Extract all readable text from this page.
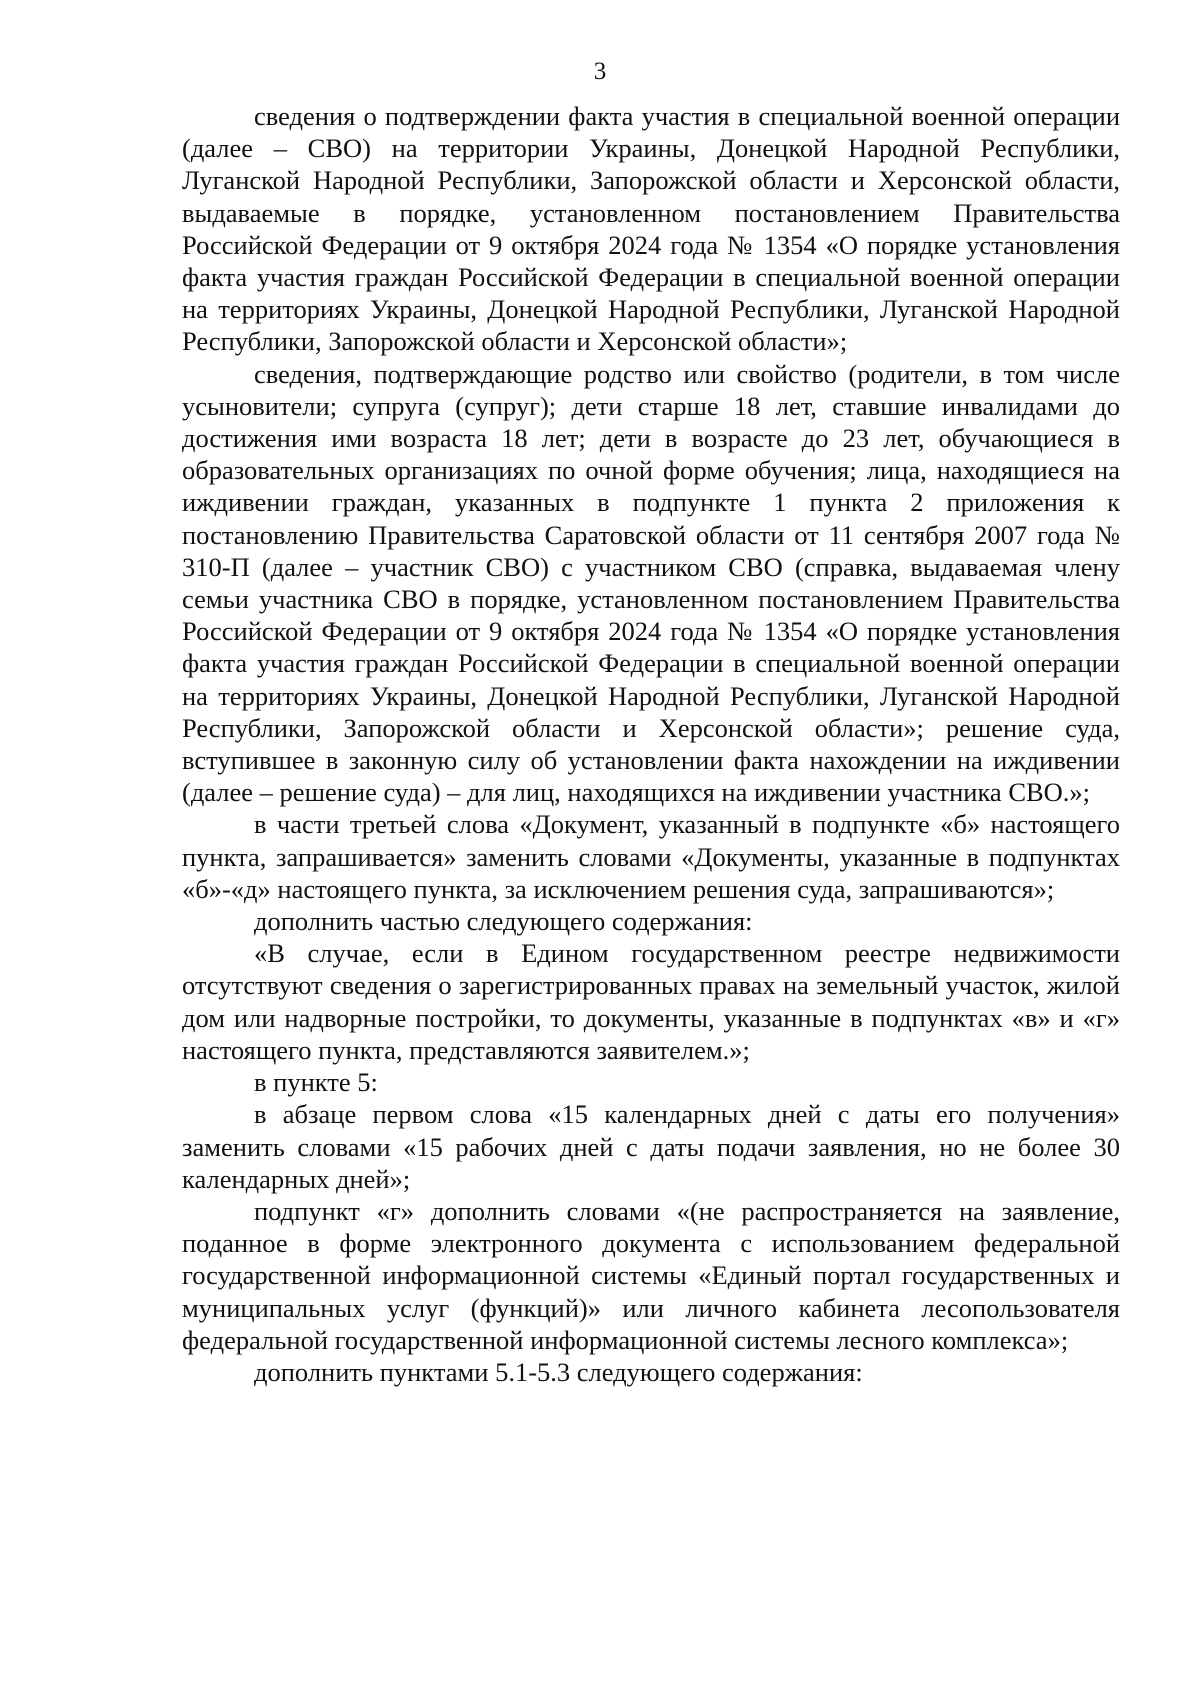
3

сведения о подтверждении факта участия в специальной военной операции (далее – СВО) на территории Украины, Донецкой Народной Республики, Луганской Народной Республики, Запорожской области и Херсонской области, выдаваемые в порядке, установленном постановлением Правительства Российской Федерации от 9 октября 2024 года № 1354 «О порядке установления факта участия граждан Российской Федерации в специальной военной операции на территориях Украины, Донецкой Народной Республики, Луганской Народной Республики, Запорожской области и Херсонской области»;

сведения, подтверждающие родство или свойство (родители, в том числе усыновители; супруга (супруг); дети старше 18 лет, ставшие инвалидами до достижения ими возраста 18 лет; дети в возрасте до 23 лет, обучающиеся в образовательных организациях по очной форме обучения; лица, находящиеся на иждивении граждан, указанных в подпункте 1 пункта 2 приложения к постановлению Правительства Саратовской области от 11 сентября 2007 года № 310-П (далее – участник СВО) с участником СВО (справка, выдаваемая члену семьи участника СВО в порядке, установленном постановлением Правительства Российской Федерации от 9 октября 2024 года № 1354 «О порядке установления факта участия граждан Российской Федерации в специальной военной операции на территориях Украины, Донецкой Народной Республики, Луганской Народной Республики, Запорожской области и Херсонской области»; решение суда, вступившее в законную силу об установлении факта нахождении на иждивении (далее – решение суда) – для лиц, находящихся на иждивении участника СВО.»;

в части третьей слова «Документ, указанный в подпункте «б» настоящего пункта, запрашивается» заменить словами «Документы, указанные в подпунктах «б»-«д» настоящего пункта, за исключением решения суда, запрашиваются»;

дополнить частью следующего содержания:

«В случае, если в Едином государственном реестре недвижимости отсутствуют сведения о зарегистрированных правах на земельный участок, жилой дом или надворные постройки, то документы, указанные в подпунктах «в» и «г» настоящего пункта, представляются заявителем.»;

в пункте 5:

в абзаце первом слова «15 календарных дней с даты его получения» заменить словами «15 рабочих дней с даты подачи заявления, но не более 30 календарных дней»;

подпункт «г» дополнить словами «(не распространяется на заявление, поданное в форме электронного документа с использованием федеральной государственной информационной системы «Единый портал государственных и муниципальных услуг (функций)» или личного кабинета лесопользователя федеральной государственной информационной системы лесного комплекса»;

дополнить пунктами 5.1-5.3 следующего содержания:
